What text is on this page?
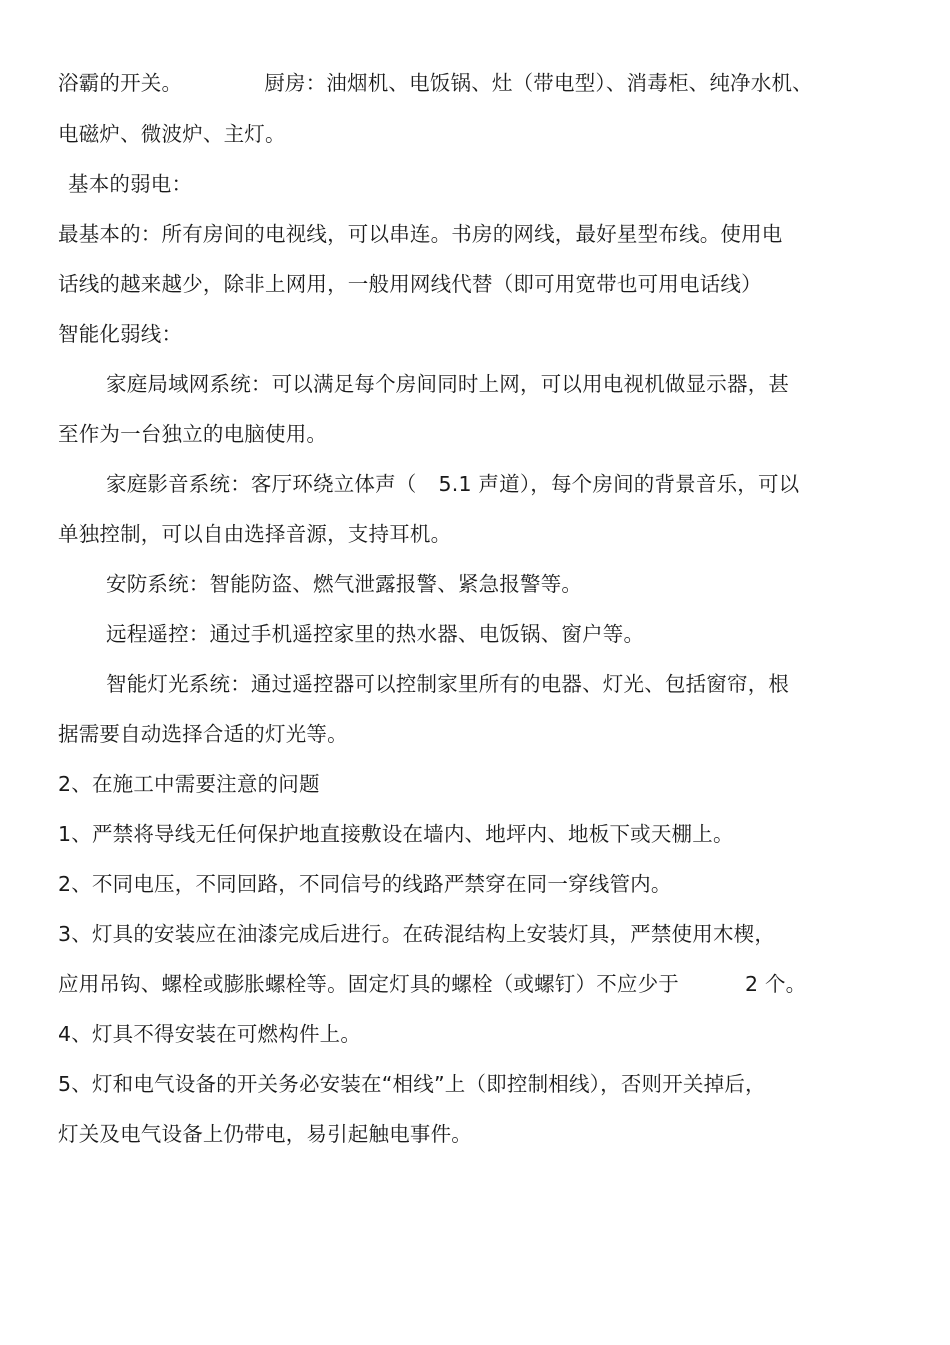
浴霸的开关。	厨房：油烟机、电饭锅、灶（带电型）、消毒柜、纯净水机、
电磁炉、微波炉、主灯。
基本的弱电：
最基本的：所有房间的电视线，可以串连。书房的网线，最好星型布线。使用电
话线的越来越少，除非上网用，一般用网线代替（即可用宽带也可用电话线）
智能化弱线：
家庭局域网系统：可以满足每个房间同时上网，可以用电视机做显示器，甚
至作为一台独立的电脑使用。
家庭影音系统：客厅环绕立体声（ 5.1 声道），每个房间的背景音乐，可以
单独控制，可以自由选择音源，支持耳机。
安防系统：智能防盗、燃气泄露报警、紧急报警等。
远程遥控：通过手机遥控家里的热水器、电饭锅、窗户等。
智能灯光系统：通过遥控器可以控制家里所有的电器、灯光、包括窗帘，根
据需要自动选择合适的灯光等。
2、在施工中需要注意的问题
1、严禁将导线无任何保护地直接敷设在墙内、地坪内、地板下或天棚上。
2、不同电压，不同回路，不同信号的线路严禁穿在同一穿线管内。
3、灯具的安装应在油漆完成后进行。在砖混结构上安装灯具，严禁使用木楔，
应用吊钩、螺栓或膨胀螺栓等。固定灯具的螺栓（或螺钉）不应少于	2 个。
4、灯具不得安装在可燃构件上。
5、灯和电气设备的开关务必安装在“相线”上（即控制相线），否则开关掉后，
灯关及电气设备上仍带电，易引起触电事件。
